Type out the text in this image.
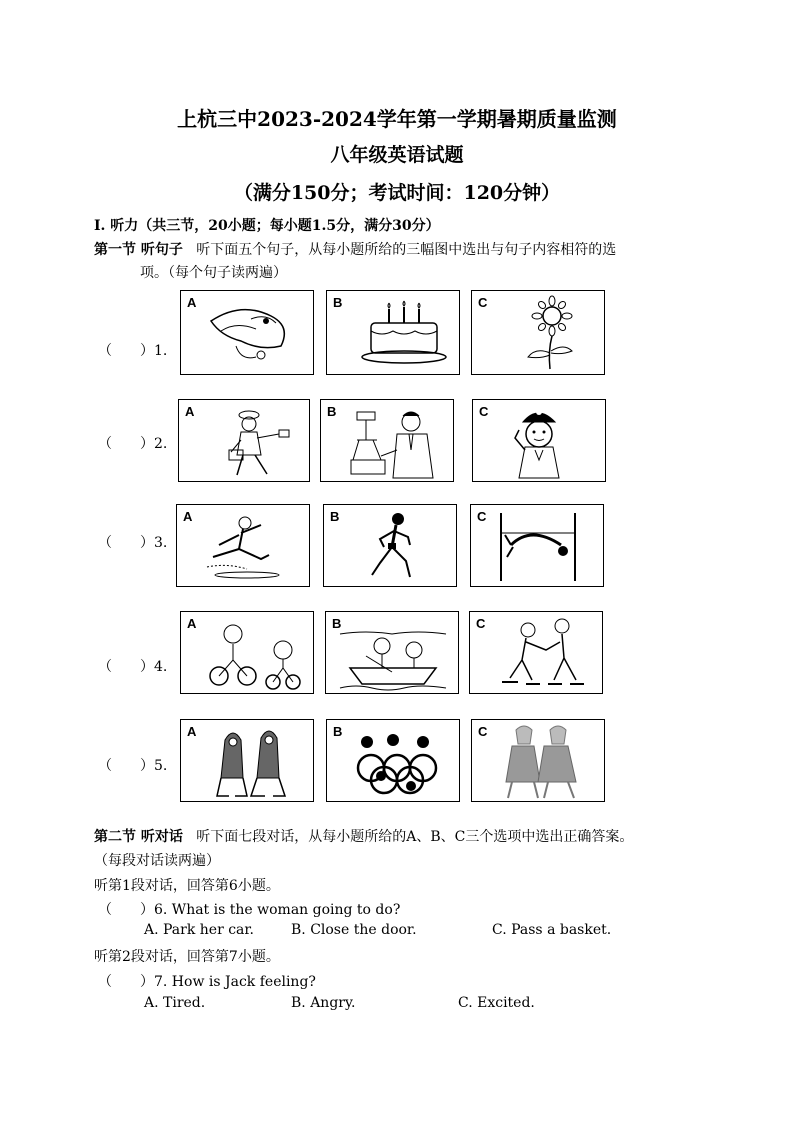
上杭三中2023-2024学年第一学期暑期质量监测
八年级英语试题
（满分150分；考试时间：120分钟）
I. 听力（共三节，20小题；每小题1.5分，满分30分）
第一节 听句子 听下面五个句子，从每小题所给的三幅图中选出与句子内容相符的选
项。（每个句子读两遍）
（　　）1.
A	B	C
（　　）2.
A	B	C
（　　）3.
A	B	C
（　　）4.
A	B	C
（　　）5.
A	B	C
第二节 听对话 听下面七段对话，从每小题所给的A、B、C三个选项中选出正确答案。
（每段对话读两遍）
听第1段对话，回答第6小题。
（　　）6. What is the woman going to do?
A. Park her car.	B. Close the door.	C. Pass a basket.
听第2段对话，回答第7小题。
（　　）7. How is Jack feeling?
A. Tired.	B. Angry.	C. Excited.
